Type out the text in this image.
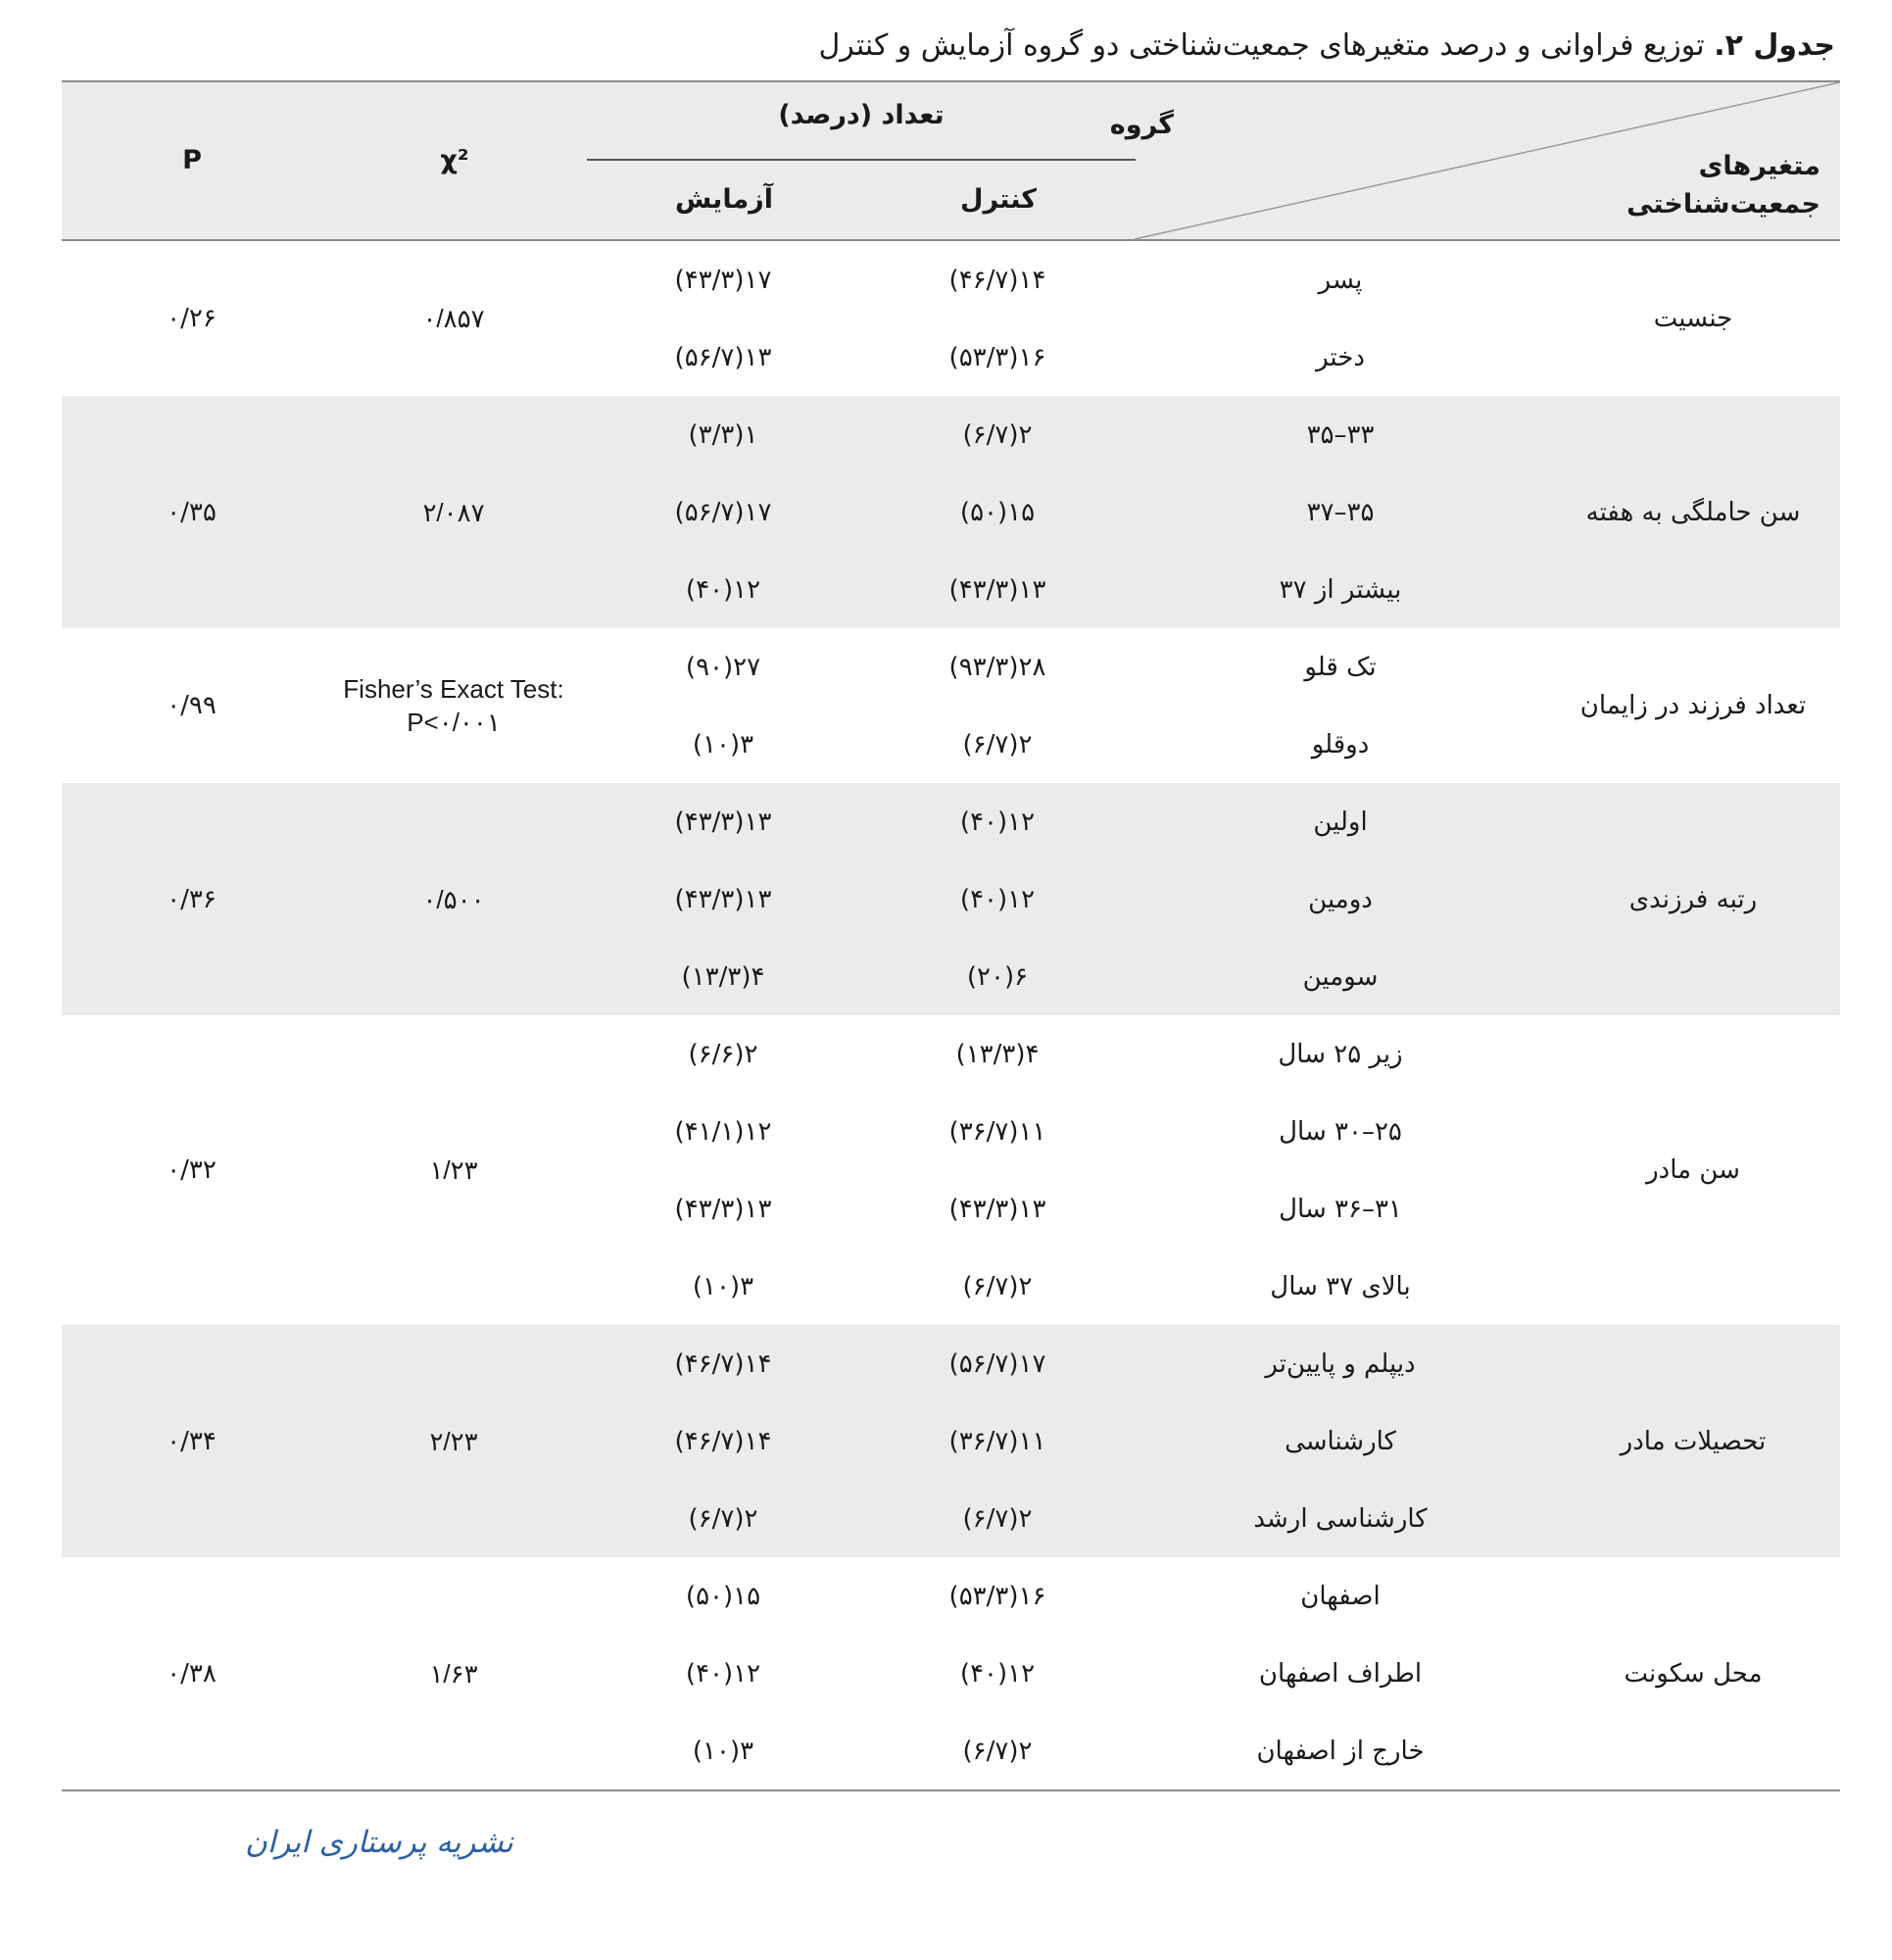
جدول ۲. توزیع فراوانی و درصد متغیرهای جمعیت‌شناختی دو گروه آزمایش و کنترل
متغیرهای جمعیت‌شناختی
گروه
تعداد (درصد)
کنترل
آزمایش
χ²
P
جنسیت
پسر
دختر
۱۴(۴۶/۷)
۱۶(۵۳/۳)
۱۷(۴۳/۳)
۱۳(۵۶/۷)
۰/۸۵۷
۰/۲۶
سن حاملگی به هفته
۳۳–۳۵
۳۵–۳۷
بیشتر از ۳۷
۲(۶/۷)
۱۵(۵۰)
۱۳(۴۳/۳)
۱(۳/۳)
۱۷(۵۶/۷)
۱۲(۴۰)
۲/۰۸۷
۰/۳۵
تعداد فرزند در زایمان
تک قلو
دوقلو
۲۸(۹۳/۳)
۲(۶/۷)
۲۷(۹۰)
۳(۱۰)
Fisher’s Exact Test:
P<۰/۰۰۱
۰/۹۹
رتبه فرزندی
اولین
دومین
سومین
۱۲(۴۰)
۱۲(۴۰)
۶(۲۰)
۱۳(۴۳/۳)
۱۳(۴۳/۳)
۴(۱۳/۳)
۰/۵۰۰
۰/۳۶
سن مادر
زیر ۲۵ سال
۲۵–۳۰ سال
۳۱–۳۶ سال
بالای ۳۷ سال
۴(۱۳/۳)
۱۱(۳۶/۷)
۱۳(۴۳/۳)
۲(۶/۷)
۲(۶/۶)
۱۲(۴۱/۱)
۱۳(۴۳/۳)
۳(۱۰)
۱/۲۳
۰/۳۲
تحصیلات مادر
دیپلم و پایین‌تر
کارشناسی
کارشناسی ارشد
۱۷(۵۶/۷)
۱۱(۳۶/۷)
۲(۶/۷)
۱۴(۴۶/۷)
۱۴(۴۶/۷)
۲(۶/۷)
۲/۲۳
۰/۳۴
محل سکونت
اصفهان
اطراف اصفهان
خارج از اصفهان
۱۶(۵۳/۳)
۱۲(۴۰)
۲(۶/۷)
۱۵(۵۰)
۱۲(۴۰)
۳(۱۰)
۱/۶۳
۰/۳۸
نشریه پرستاری ایران
